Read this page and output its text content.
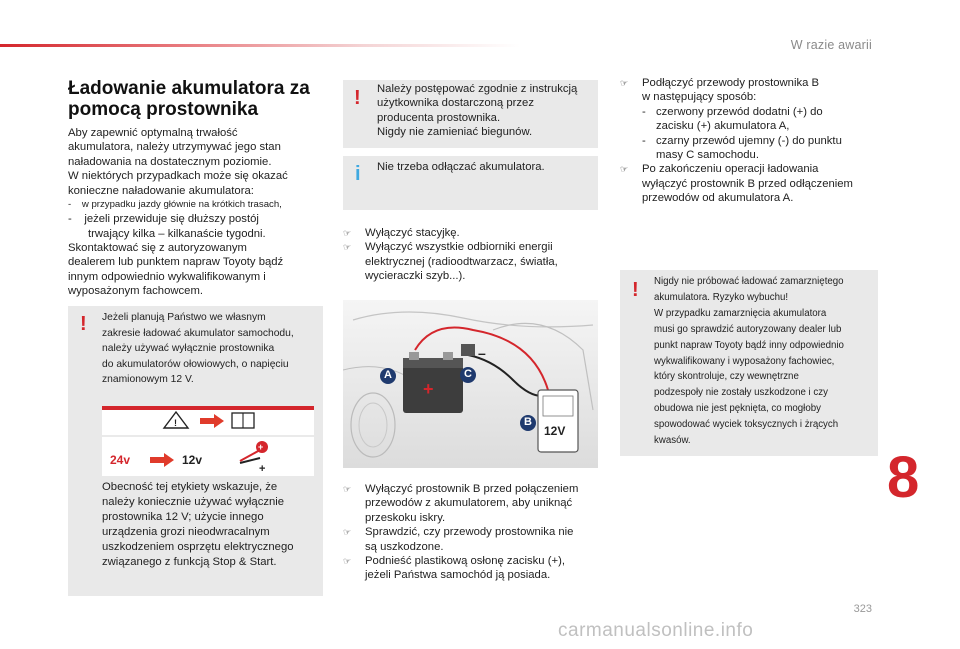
W razie awarii
Ładowanie akumulatora za
pomocą prostownika
Aby zapewnić optymalną trwałość
akumulatora, należy utrzymywać jego stan
naładowania na dostatecznym poziomie.
W niektórych przypadkach może się okazać
konieczne naładowanie akumulatora:
-    w przypadku jazdy głównie na krótkich trasach,
-    jeżeli przewiduje się dłuższy postój
trwający kilka – kilkanaście tygodni.
Skontaktować się z autoryzowanym
dealerem lub punktem napraw Toyoty bądź
innym odpowiednio wykwalifikowanym i
wyposażonym fachowcem.
! Jeżeli planują Państwo we własnym
zakresie ładować akumulator samochodu,
należy używać wyłącznie prostownika
do akumulatorów ołowiowych, o napięciu
znamionowym 12 V.
!
+
+
24v	12v
Obecność tej etykiety wskazuje, że
należy koniecznie używać wyłącznie
prostownika 12 V; użycie innego
urządzenia grozi nieodwracalnym
uszkodzeniem osprzętu elektrycznego
związanego z funkcją Stop & Start.
! Należy postępować zgodnie z instrukcją
użytkownika dostarczoną przez
producenta prostownika.
Nigdy nie zamieniać biegunów.
i Nie trzeba odłączać akumulatora.
☞ Wyłączyć stacyjkę.
☞ Wyłączyć wszystkie odbiorniki energii
elektrycznej (radioodtwarzacz, światła,
wycieraczki szyb...).
+
–
A	C
B
12V
☞ Wyłączyć prostownik B przed połączeniem
przewodów z akumulatorem, aby uniknąć
przeskoku iskry.
☞ Sprawdzić, czy przewody prostownika nie
są uszkodzone.
☞ Podnieść plastikową osłonę zacisku (+),
jeżeli Państwa samochód ją posiada.
☞ Podłączyć przewody prostownika B
w następujący sposób:
- czerwony przewód dodatni (+) do
zacisku (+) akumulatora A,
- czarny przewód ujemny (-) do punktu
masy C samochodu.
☞ Po zakończeniu operacji ładowania
wyłączyć prostownik B przed odłączeniem
przewodów od akumulatora A.
! Nigdy nie próbować ładować zamarzniętego
akumulatora. Ryzyko wybuchu!
W przypadku zamarznięcia akumulatora
musi go sprawdzić autoryzowany dealer lub
punkt napraw Toyoty bądź inny odpowiednio
wykwalifikowany i wyposażony fachowiec,
który skontroluje, czy wewnętrzne
podzespoły nie zostały uszkodzone i czy
obudowa nie jest pęknięta, co mogłoby
spowodować wyciek toksycznych i żrących
kwasów.
8
323
carmanualsonline.info
